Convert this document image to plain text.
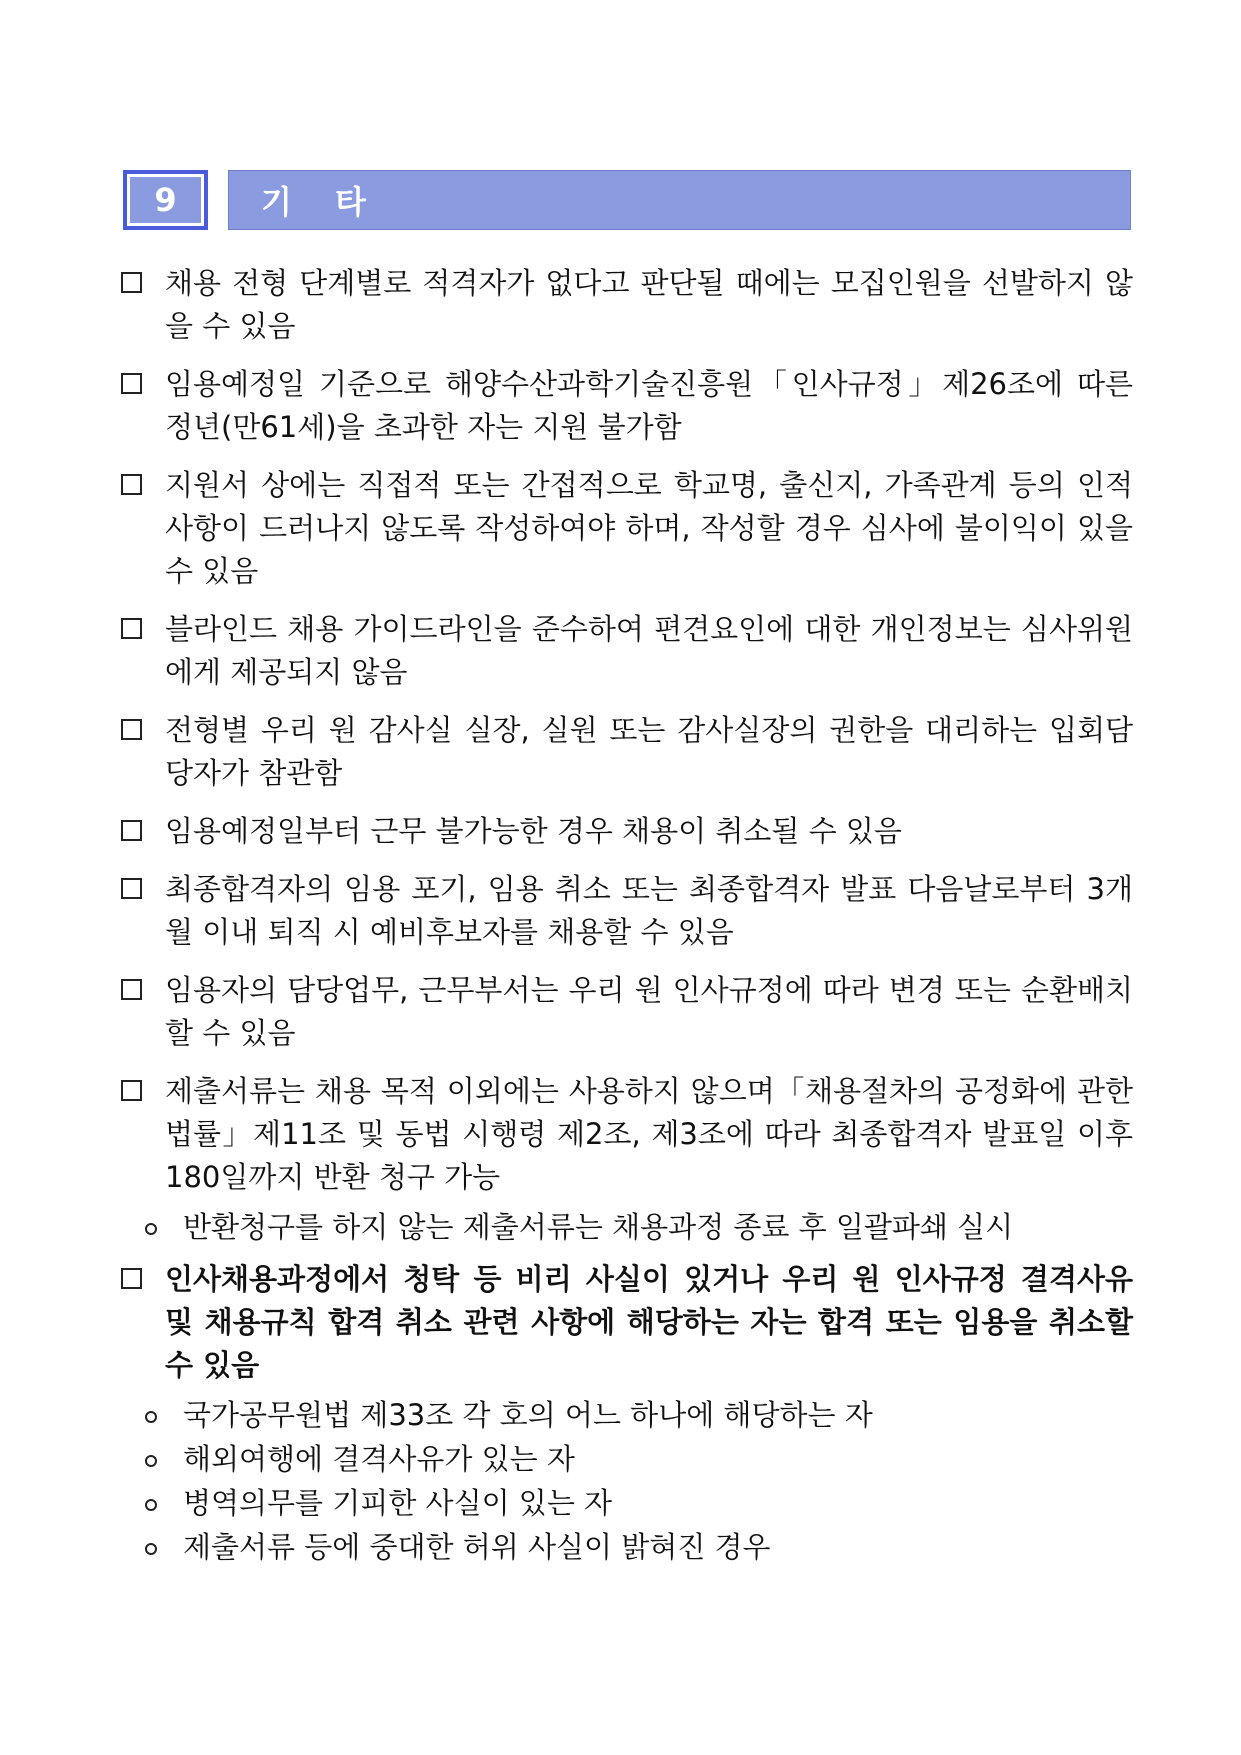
9	기 타
채용 전형 단계별로 적격자가 없다고 판단될 때에는 모집인원을 선발하지 않을 수 있음
임용예정일 기준으로 해양수산과학기술진흥원「인사규정」제26조에 따른 정년(만61세)을 초과한 자는 지원 불가함
지원서 상에는 직접적 또는 간접적으로 학교명, 출신지, 가족관계 등의 인적사항이 드러나지 않도록 작성하여야 하며, 작성할 경우 심사에 불이익이 있을 수 있음
블라인드 채용 가이드라인을 준수하여 편견요인에 대한 개인정보는 심사위원에게 제공되지 않음
전형별 우리 원 감사실 실장, 실원 또는 감사실장의 권한을 대리하는 입회담당자가 참관함
임용예정일부터 근무 불가능한 경우 채용이 취소될 수 있음
최종합격자의 임용 포기, 임용 취소 또는 최종합격자 발표 다음날로부터 3개월 이내 퇴직 시 예비후보자를 채용할 수 있음
임용자의 담당업무, 근무부서는 우리 원 인사규정에 따라 변경 또는 순환배치 할 수 있음
제출서류는 채용 목적 이외에는 사용하지 않으며「채용절차의 공정화에 관한 법률」제11조 및 동법 시행령 제2조, 제3조에 따라 최종합격자 발표일 이후 180일까지 반환 청구 가능
반환청구를 하지 않는 제출서류는 채용과정 종료 후 일괄파쇄 실시
인사채용과정에서 청탁 등 비리 사실이 있거나 우리 원 인사규정 결격사유 및 채용규칙 합격 취소 관련 사항에 해당하는 자는 합격 또는 임용을 취소할 수 있음
국가공무원법 제33조 각 호의 어느 하나에 해당하는 자
해외여행에 결격사유가 있는 자
병역의무를 기피한 사실이 있는 자
제출서류 등에 중대한 허위 사실이 밝혀진 경우
